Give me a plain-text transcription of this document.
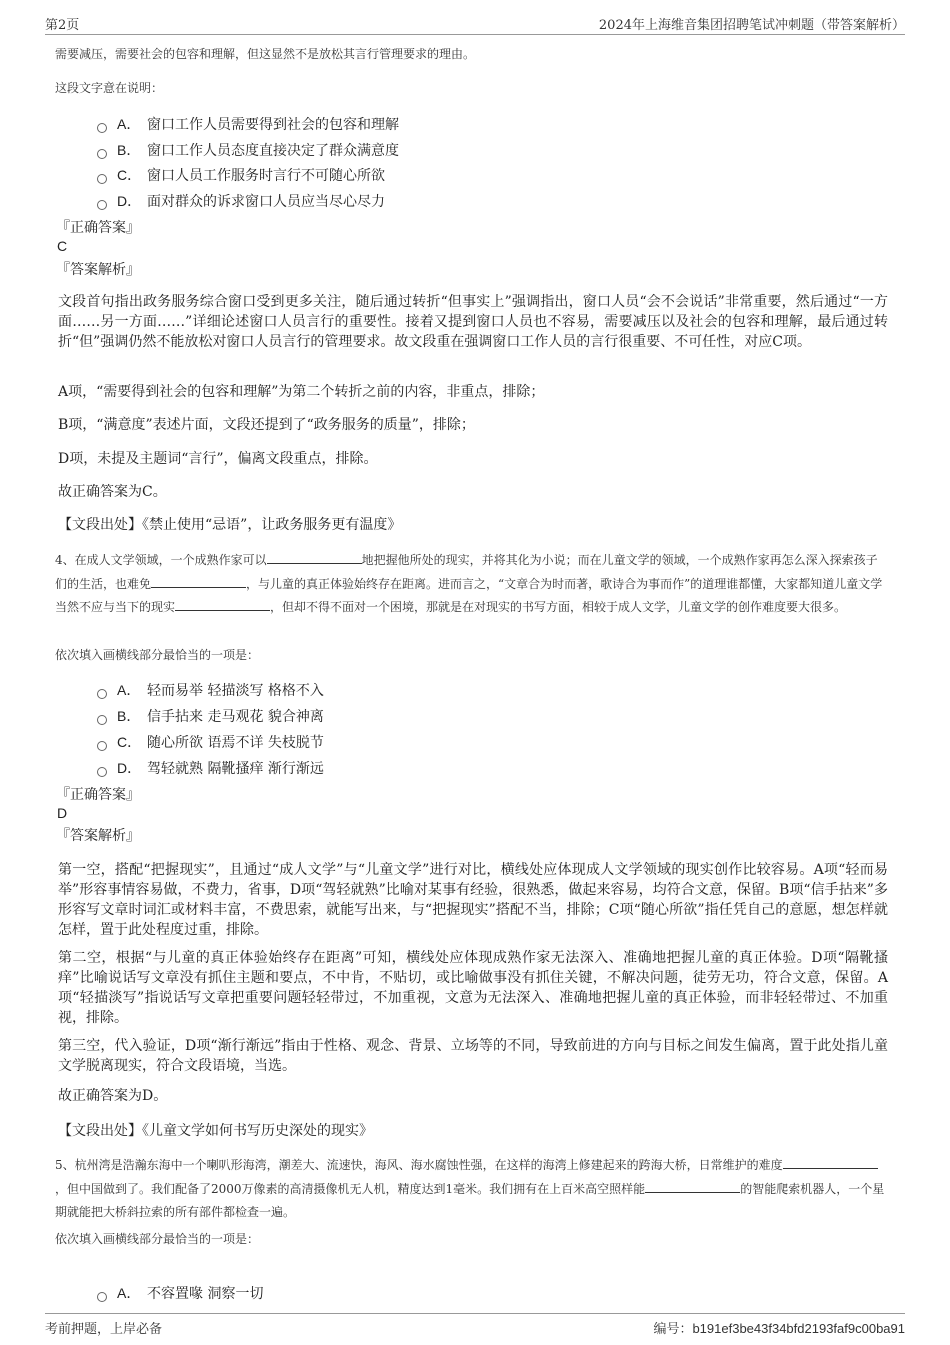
第2页	2024年上海维音集团招聘笔试冲刺题（带答案解析）
需要减压，需要社会的包容和理解，但这显然不是放松其言行管理要求的理由。
这段文字意在说明：
A． 窗口工作人员需要得到社会的包容和理解
B． 窗口工作人员态度直接决定了群众满意度
C． 窗口人员工作服务时言行不可随心所欲
D． 面对群众的诉求窗口人员应当尽心尽力
『正确答案』
C
『答案解析』
文段首句指出政务服务综合窗口受到更多关注，随后通过转折“但事实上”强调指出，窗口人员“会不会说话”非常重要，然后通过“一方面……另一方面……”详细论述窗口人员言行的重要性。接着又提到窗口人员也不容易，需要减压以及社会的包容和理解，最后通过转折“但”强调仍然不能放松对窗口人员言行的管理要求。故文段重在强调窗口工作人员的言行很重要、不可任性，对应C项。
A项，“需要得到社会的包容和理解”为第二个转折之前的内容，非重点，排除；
B项，“满意度”表述片面，文段还提到了“政务服务的质量”，排除；
D项，未提及主题词“言行”，偏离文段重点，排除。
故正确答案为C。
【文段出处】《禁止使用“忌语”，让政务服务更有温度》
4、在成人文学领域，一个成熟作家可以	地把握他所处的现实，并将其化为小说；而在儿童文学的领域，一个成熟作家再怎么深入探索孩子们的生活，也难免	，与儿童的真正体验始终存在距离。进而言之，“文章合为时而著，歌诗合为事而作”的道理谁都懂，大家都知道儿童文学当然不应与当下的现实	，但却不得不面对一个困境，那就是在对现实的书写方面，相较于成人文学，儿童文学的创作难度要大很多。
依次填入画横线部分最恰当的一项是：
A． 轻而易举 轻描淡写 格格不入
B． 信手拈来 走马观花 貌合神离
C． 随心所欲 语焉不详 失枝脱节
D． 驾轻就熟 隔靴搔痒 渐行渐远
『正确答案』
D
『答案解析』
第一空，搭配“把握现实”，且通过“成人文学”与“儿童文学”进行对比，横线处应体现成人文学领域的现实创作比较容易。A项“轻而易举”形容事情容易做，不费力，省事，D项“驾轻就熟”比喻对某事有经验，很熟悉，做起来容易，均符合文意，保留。B项“信手拈来”多形容写文章时词汇或材料丰富，不费思索，就能写出来，与“把握现实”搭配不当，排除；C项“随心所欲”指任凭自己的意愿，想怎样就怎样，置于此处程度过重，排除。
第二空，根据“与儿童的真正体验始终存在距离”可知，横线处应体现成熟作家无法深入、准确地把握儿童的真正体验。D项“隔靴搔痒”比喻说话写文章没有抓住主题和要点，不中肯，不贴切，或比喻做事没有抓住关键，不解决问题，徒劳无功，符合文意，保留。A项“轻描淡写”指说话写文章把重要问题轻轻带过，不加重视，文意为无法深入、准确地把握儿童的真正体验，而非轻轻带过、不加重视，排除。
第三空，代入验证，D项“渐行渐远”指由于性格、观念、背景、立场等的不同，导致前进的方向与目标之间发生偏离，置于此处指儿童文学脱离现实，符合文段语境，当选。
故正确答案为D。
【文段出处】《儿童文学如何书写历史深处的现实》
5、杭州湾是浩瀚东海中一个喇叭形海湾，潮差大、流速快，海风、海水腐蚀性强，在这样的海湾上修建起来的跨海大桥，日常维护的难度，但中国做到了。我们配备了2000万像素的高清摄像机无人机，精度达到1毫米。我们拥有在上百米高空照样能	的智能爬索机器人，一个星期就能把大桥斜拉索的所有部件都检查一遍。
依次填入画横线部分最恰当的一项是：
A． 不容置喙 洞察一切
考前押题，上岸必备	编号：b191ef3be43f34bfd2193faf9c00ba91
